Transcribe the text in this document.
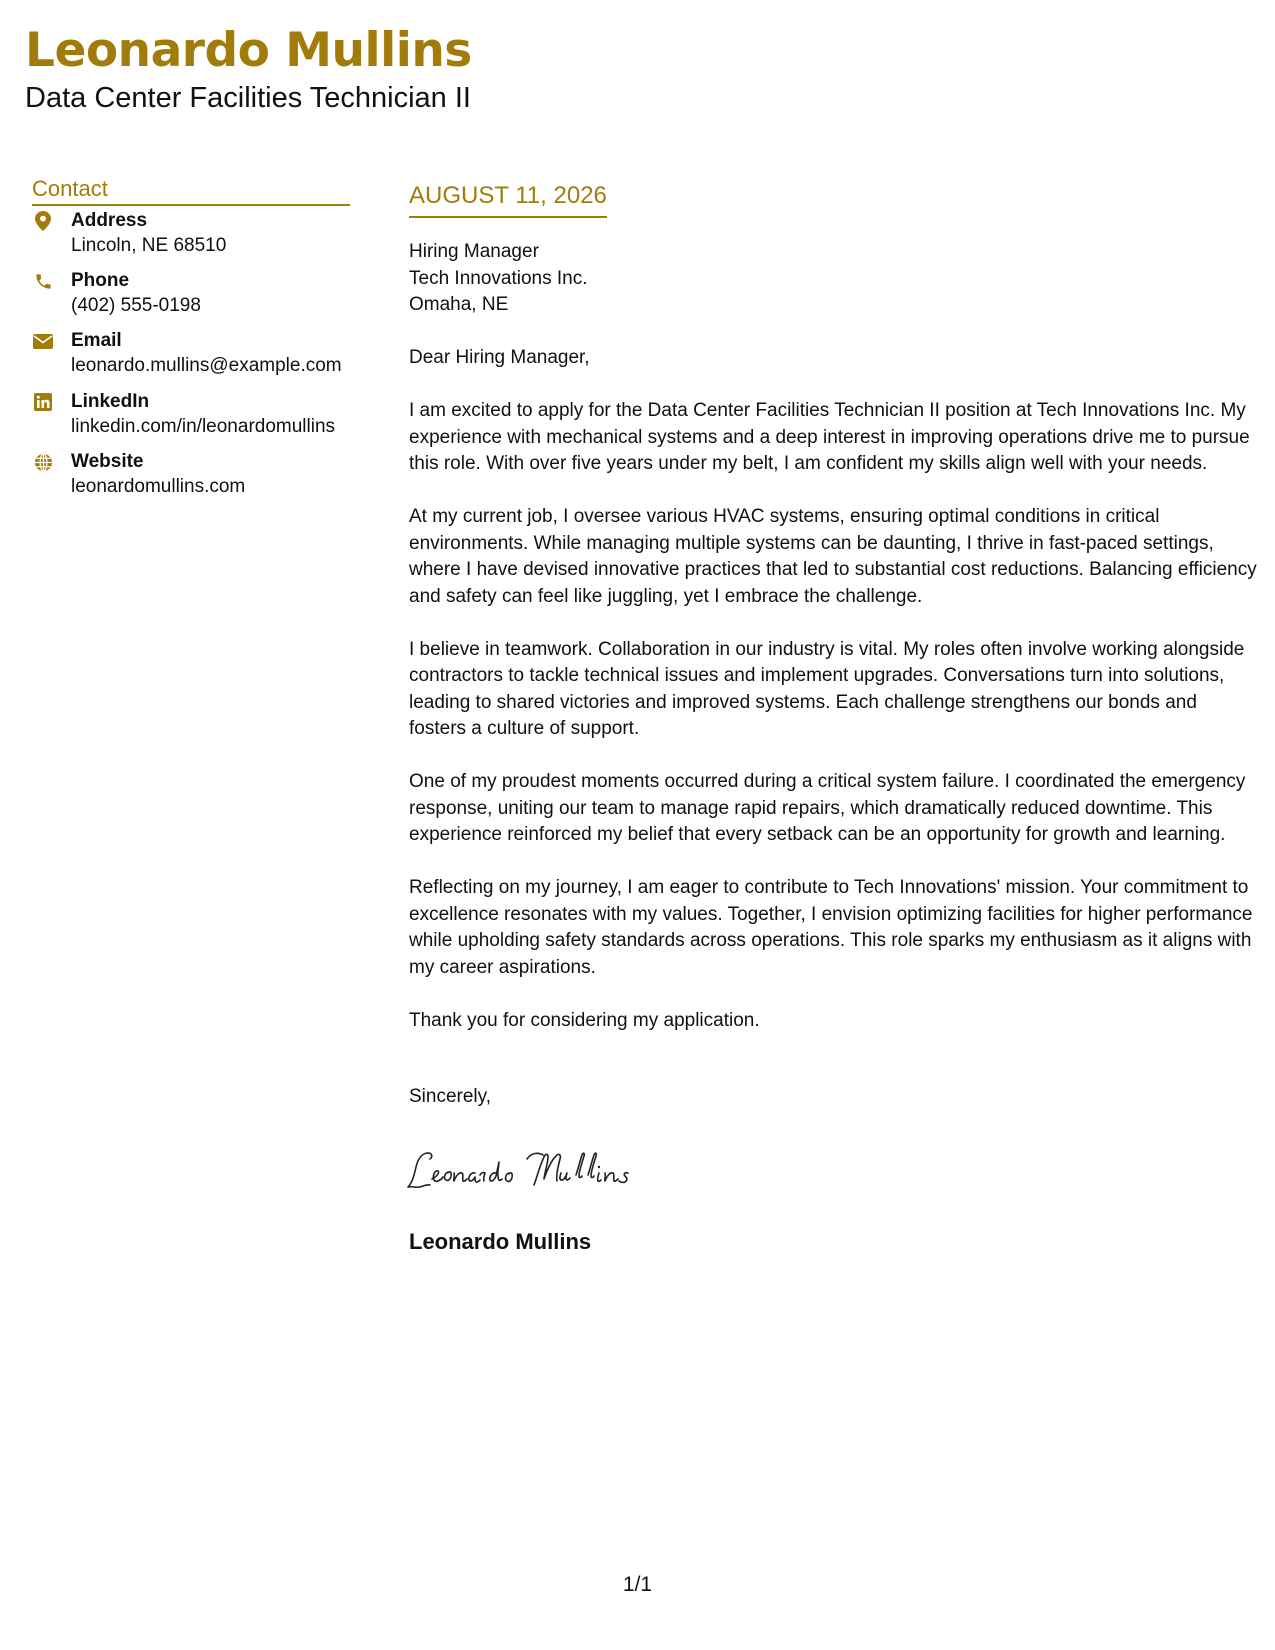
Leonardo Mullins
Data Center Facilities Technician II
Contact
Address
Lincoln, NE 68510
Phone
(402) 555-0198
Email
leonardo.mullins@example.com
LinkedIn
linkedin.com/in/leonardomullins
Website
leonardomullins.com
AUGUST 11, 2026
Hiring Manager
Tech Innovations Inc.
Omaha, NE

Dear Hiring Manager,

I am excited to apply for the Data Center Facilities Technician II position at Tech Innovations Inc. My experience with mechanical systems and a deep interest in improving operations drive me to pursue this role. With over five years under my belt, I am confident my skills align well with your needs.

At my current job, I oversee various HVAC systems, ensuring optimal conditions in critical environments. While managing multiple systems can be daunting, I thrive in fast-paced settings, where I have devised innovative practices that led to substantial cost reductions. Balancing efficiency and safety can feel like juggling, yet I embrace the challenge.

I believe in teamwork. Collaboration in our industry is vital. My roles often involve working alongside contractors to tackle technical issues and implement upgrades. Conversations turn into solutions, leading to shared victories and improved systems. Each challenge strengthens our bonds and fosters a culture of support.

One of my proudest moments occurred during a critical system failure. I coordinated the emergency response, uniting our team to manage rapid repairs, which dramatically reduced downtime. This experience reinforced my belief that every setback can be an opportunity for growth and learning.

Reflecting on my journey, I am eager to contribute to Tech Innovations' mission. Your commitment to excellence resonates with my values. Together, I envision optimizing facilities for higher performance while upholding safety standards across operations. This role sparks my enthusiasm as it aligns with my career aspirations.

Thank you for considering my application.

Sincerely,
Leonardo Mullins
1/1
